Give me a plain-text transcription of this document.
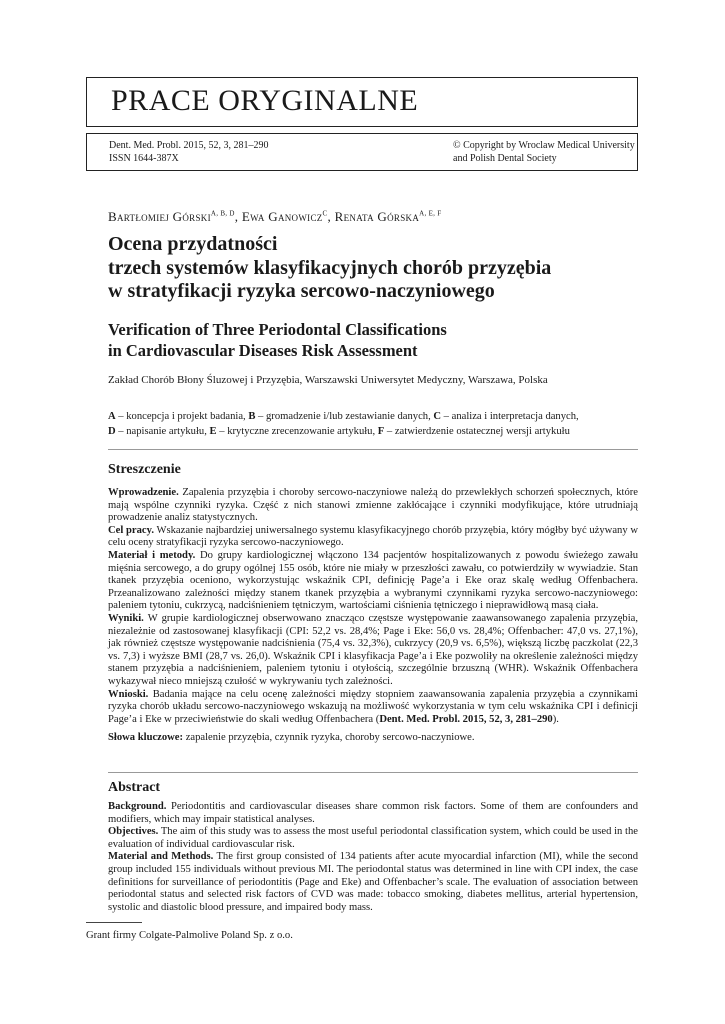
PRACE ORYGINALNE
Dent. Med. Probl. 2015, 52, 3, 281–290
ISSN 1644-387X
© Copyright by Wroclaw Medical University
and Polish Dental Society
Bartłomiej Górski$^{A, B, D}$, Ewa Ganowicz$^C$, Renata Górska$^{A, E, F}$
Ocena przydatności
trzech systemów klasyfikacyjnych chorób przyzębia
w stratyfikacji ryzyka sercowo-naczyniowego
Verification of Three Periodontal Classifications
in Cardiovascular Diseases Risk Assessment
Zakład Chorób Błony Śluzowej i Przyzębia, Warszawski Uniwersytet Medyczny, Warszawa, Polska
A – koncepcja i projekt badania, B – gromadzenie i/lub zestawianie danych, C – analiza i interpretacja danych,
D – napisanie artykułu, E – krytyczne zrecenzowanie artykułu, F – zatwierdzenie ostatecznej wersji artykułu
Streszczenie

Wprowadzenie. Zapalenia przyzębia i choroby sercowo-naczyniowe należą do przewlekłych schorzeń społecznych, które mają wspólne czynniki ryzyka. Część z nich stanowi zmienne zakłócające i czynniki modyfikujące, które utrudniają prowadzenie analiz statystycznych.

Cel pracy. Wskazanie najbardziej uniwersalnego systemu klasyfikacyjnego chorób przyzębia, który mógłby być używany w celu oceny stratyfikacji ryzyka sercowo-naczyniowego.

Materiał i metody. Do grupy kardiologicznej włączono 134 pacjentów hospitalizowanych z powodu świeżego zawału mięśnia sercowego, a do grupy ogólnej 155 osób, które nie miały w przeszłości zawału, co potwierdziły w wywiadzie. Stan tkanek przyzębia oceniono, wykorzystując wskaźnik CPI, definicję Page’a i Eke oraz skalę według Offenbachera. Przeanalizowano zależności między stanem tkanek przyzębia a wybranymi czynnikami ryzyka sercowo-naczyniowego: paleniem tytoniu, cukrzycą, nadciśnieniem tętniczym, wartościami ciśnienia tętniczego i nieprawidłową masą ciała.

Wyniki. W grupie kardiologicznej obserwowano znacząco częstsze występowanie zaawansowanego zapalenia przyzębia, niezależnie od zastosowanej klasyfikacji (CPI: 52,2 vs. 28,4%; Page i Eke: 56,0 vs. 28,4%; Offenbacher: 47,0 vs. 27,1%), jak również częstsze występowanie nadciśnienia (75,4 vs. 32,3%), cukrzycy (20,9 vs. 6,5%), większą liczbę paczkolat (22,3 vs. 7,3) i wyższe BMI (28,7 vs. 26,0). Wskaźnik CPI i klasyfikacja Page’a i Eke pozwoliły na określenie zależności między stanem przyzębia a nadciśnieniem, paleniem tytoniu i otyłością, szczególnie brzuszną (WHR). Wskaźnik Offenbachera wykazywał nieco mniejszą czułość w wykrywaniu tych zależności.

Wnioski. Badania mające na celu ocenę zależności między stopniem zaawansowania zapalenia przyzębia a czynnikami ryzyka chorób układu sercowo-naczyniowego wskazują na możliwość wykorzystania w tym celu wskaźnika CPI i definicji Page’a i Eke w przeciwieństwie do skali według Offenbachera (Dent. Med. Probl. 2015, 52, 3, 281–290).

Słowa kluczowe: zapalenie przyzębia, czynnik ryzyka, choroby sercowo-naczyniowe.

Abstract

Background. Periodontitis and cardiovascular diseases share common risk factors. Some of them are confounders and modifiers, which may impair statistical analyses.

Objectives. The aim of this study was to assess the most useful periodontal classification system, which could be used in the evaluation of individual cardiovascular risk.

Material and Methods. The first group consisted of 134 patients after acute myocardial infarction (MI), while the second group included 155 individuals without previous MI. The periodontal status was determined in line with CPI index, the case definitions for surveillance of periodontitis (Page and Eke) and Offenbacher’s scale. The evaluation of association between periodontal status and selected risk factors of CVD was made: tobacco smoking, diabetes mellitus, arterial hypertension, systolic and diastolic blood pressure, and impaired body mass.

Grant firmy Colgate-Palmolive Poland Sp. z o.o.
